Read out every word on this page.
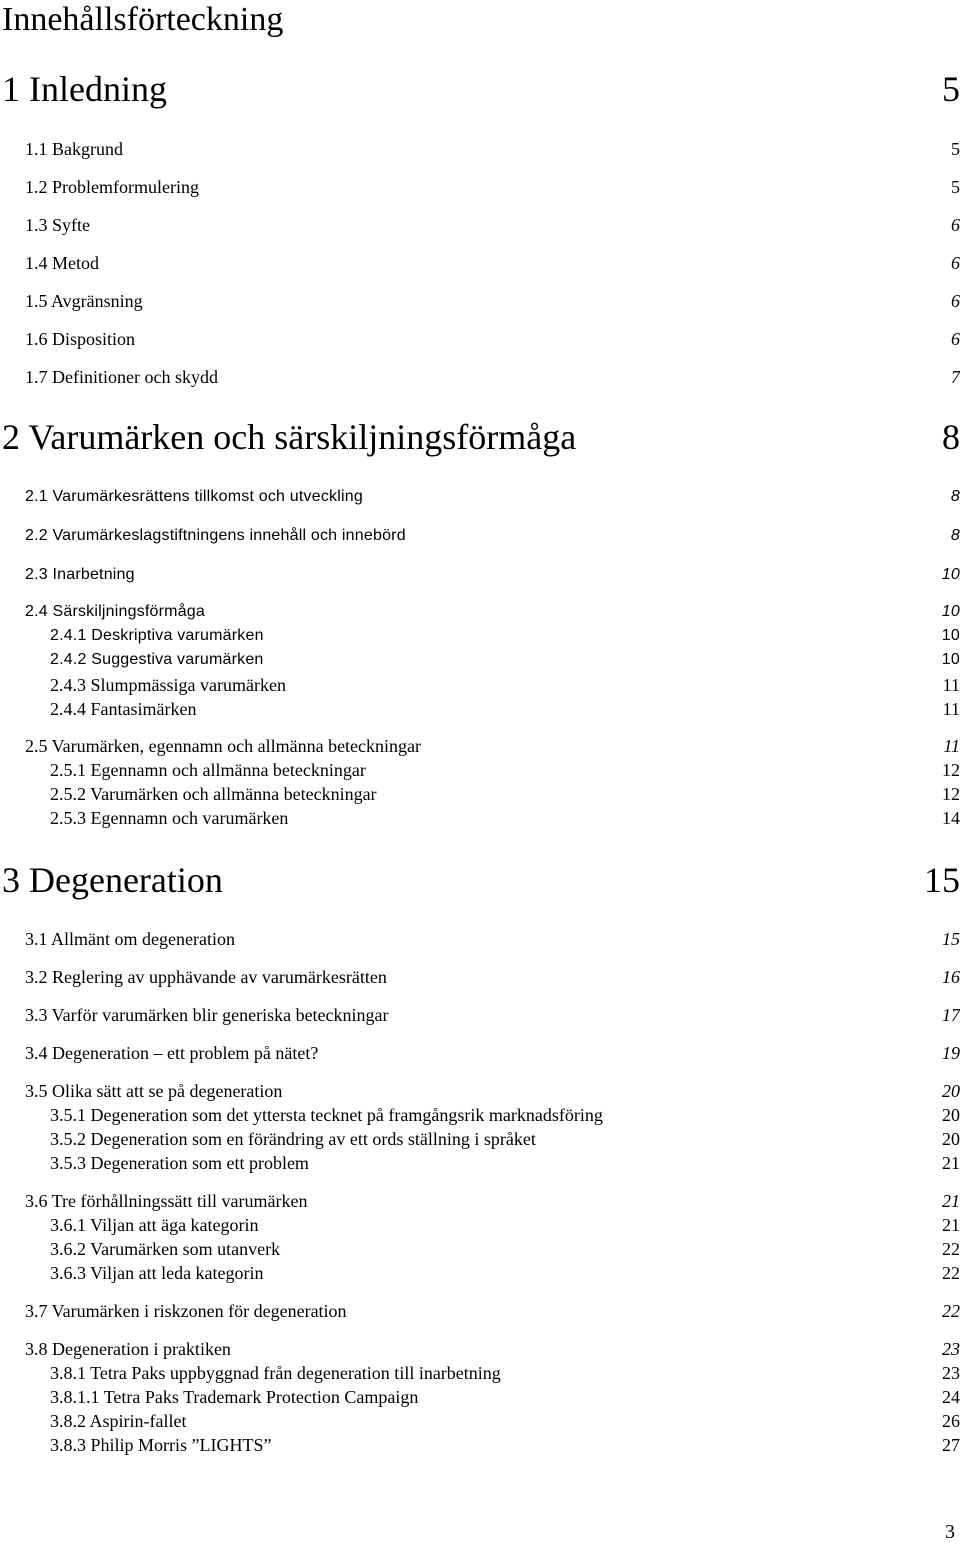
Innehållsförteckning
1 Inledning	5
1.1 Bakgrund	5
1.2 Problemformulering	5
1.3 Syfte	6
1.4 Metod	6
1.5 Avgränsning	6
1.6 Disposition	6
1.7 Definitioner och skydd	7
2 Varumärken och särskiljningsförmåga	8
2.1 Varumärkesrättens tillkomst och utveckling	8
2.2 Varumärkeslagstiftningens innehåll och innebörd	8
2.3 Inarbetning	10
2.4 Särskiljningsförmåga	10
2.4.1 Deskriptiva varumärken	10
2.4.2 Suggestiva varumärken	10
2.4.3 Slumpmässiga varumärken	11
2.4.4 Fantasimärken	11
2.5 Varumärken, egennamn och allmänna beteckningar	11
2.5.1 Egennamn och allmänna beteckningar	12
2.5.2 Varumärken och allmänna beteckningar	12
2.5.3 Egennamn och varumärken	14
3 Degeneration	15
3.1 Allmänt om degeneration	15
3.2 Reglering av upphävande av varumärkesrätten	16
3.3 Varför varumärken blir generiska beteckningar	17
3.4 Degeneration – ett problem på nätet?	19
3.5 Olika sätt att se på degeneration	20
3.5.1 Degeneration som det yttersta tecknet på framgångsrik marknadsföring	20
3.5.2 Degeneration som en förändring av ett ords ställning i språket	20
3.5.3 Degeneration som ett problem	21
3.6 Tre förhållningssätt till varumärken	21
3.6.1 Viljan att äga kategorin	21
3.6.2 Varumärken som utanverk	22
3.6.3 Viljan att leda kategorin	22
3.7 Varumärken i riskzonen för degeneration	22
3.8 Degeneration i praktiken	23
3.8.1 Tetra Paks uppbyggnad från degeneration till inarbetning	23
3.8.1.1 Tetra Paks Trademark Protection Campaign	24
3.8.2 Aspirin-fallet	26
3.8.3 Philip Morris ”LIGHTS”	27
3
